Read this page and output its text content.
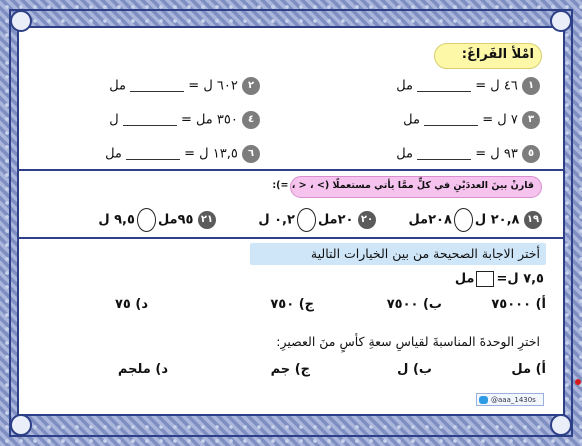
امْلأ الفَراغَ:
١ ٤٦ ل =  مل
٢ ٦٠٢ ل =  مل
٣ ٧ ل =  مل
٤ ٣٥٠ مل =  ل
٥ ٩٣ ل =  مل
٦ ١٣,٥ ل =  مل
قارنْ بينَ العددَيْنِ في كلٍّ ممَّا يأتي مستعملًا (> ، < ، =):
١٩ ٢٠,٨ ل٢٠٨مل
٢٠ ٢٠مل٠,٢ ل
٢١ ٩٥مل٩,٥ ل
أختر الاجابة الصحيحة من بين الخيارات التالية
٧,٥ ل=مل
أ) ٧٥٠٠٠
ب) ٧٥٠٠
ج) ٧٥٠
د) ٧٥
اخترِ الوحدةَ المناسبةَ لقياسِ سعةِ كأسٍ منَ العصيرِ:
أ) مل
ب) ل
ج) جم
د) ملجم
@aaa_1430s
